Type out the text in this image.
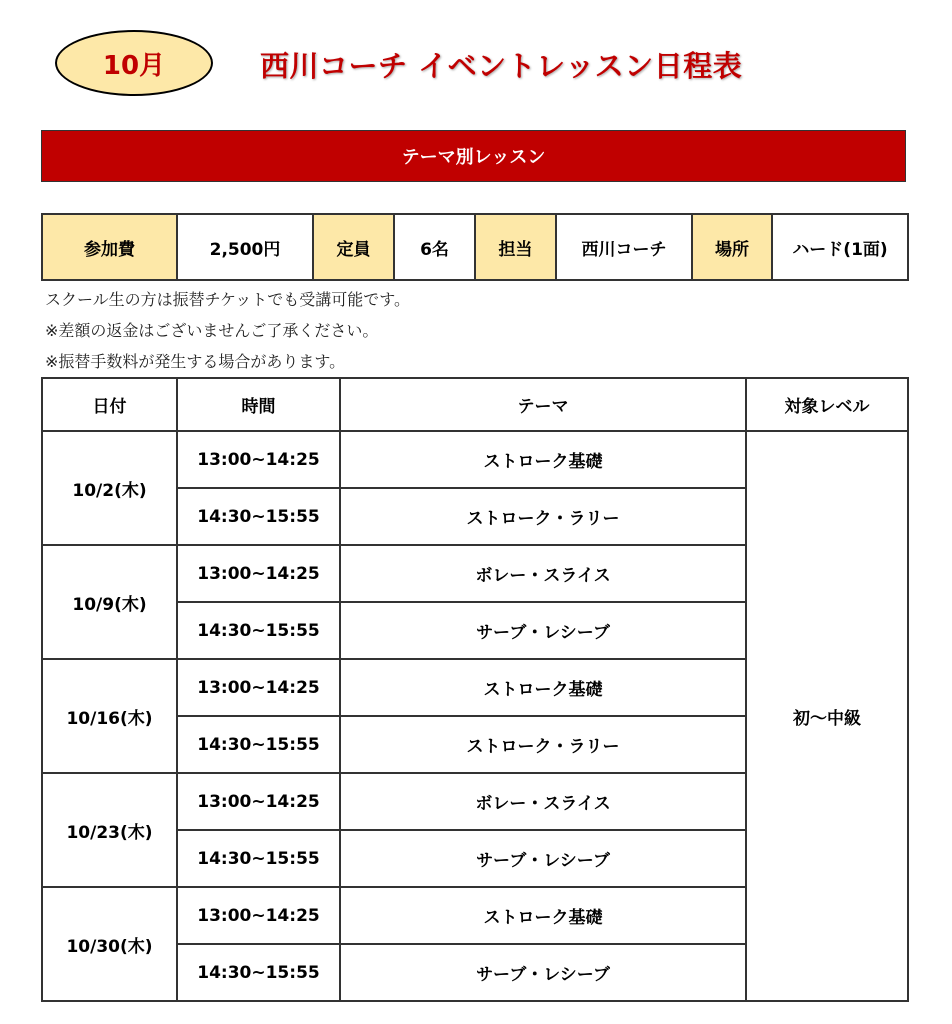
10月	西川コーチ イベントレッスン日程表
テーマ別レッスン
参加費	2,500円	定員	6名	担当	西川コーチ	場所	ハード(1面)
スクール生の方は振替チケットでも受講可能です。
※差額の返金はございませんご了承ください。
※振替手数料が発生する場合があります。
日付	時間	テーマ	対象レベル
10/2(木)	13:00~14:25	ストローク基礎	初～中級
	14:30~15:55	ストローク・ラリー	
10/9(木)	13:00~14:25	ボレー・スライス	
	14:30~15:55	サーブ・レシーブ	
10/16(木)	13:00~14:25	ストローク基礎	
	14:30~15:55	ストローク・ラリー	
10/23(木)	13:00~14:25	ボレー・スライス	
	14:30~15:55	サーブ・レシーブ	
10/30(木)	13:00~14:25	ストローク基礎	
	14:30~15:55	サーブ・レシーブ	
